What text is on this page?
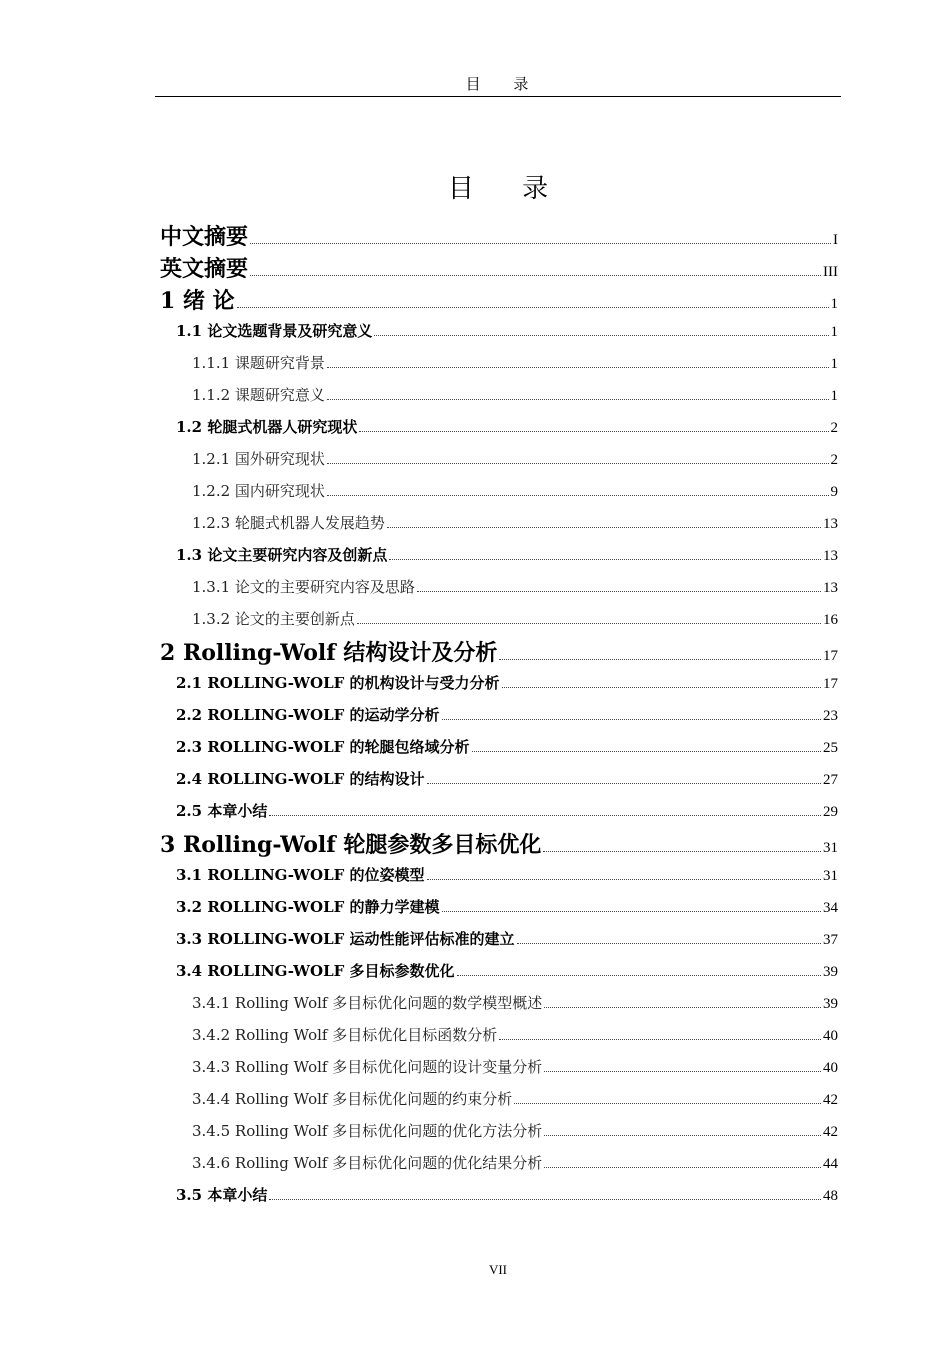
目 录
目 录
中文摘要	I
英文摘要	III
1 绪 论	1
1.1 论文选题背景及研究意义	1
1.1.1 课题研究背景	1
1.1.2 课题研究意义	1
1.2 轮腿式机器人研究现状	2
1.2.1 国外研究现状	2
1.2.2 国内研究现状	9
1.2.3 轮腿式机器人发展趋势	13
1.3 论文主要研究内容及创新点	13
1.3.1 论文的主要研究内容及思路	13
1.3.2 论文的主要创新点	16
2 Rolling-Wolf 结构设计及分析	17
2.1 ROLLING-WOLF 的机构设计与受力分析	17
2.2 ROLLING-WOLF 的运动学分析	23
2.3 ROLLING-WOLF 的轮腿包络域分析	25
2.4 ROLLING-WOLF 的结构设计	27
2.5 本章小结	29
3 Rolling-Wolf 轮腿参数多目标优化	31
3.1 ROLLING-WOLF 的位姿模型	31
3.2 ROLLING-WOLF 的静力学建模	34
3.3 ROLLING-WOLF 运动性能评估标准的建立	37
3.4 ROLLING-WOLF 多目标参数优化	39
3.4.1 Rolling Wolf 多目标优化问题的数学模型概述	39
3.4.2 Rolling Wolf 多目标优化目标函数分析	40
3.4.3 Rolling Wolf 多目标优化问题的设计变量分析	40
3.4.4 Rolling Wolf 多目标优化问题的约束分析	42
3.4.5 Rolling Wolf 多目标优化问题的优化方法分析	42
3.4.6 Rolling Wolf 多目标优化问题的优化结果分析	44
3.5 本章小结	48
VII
